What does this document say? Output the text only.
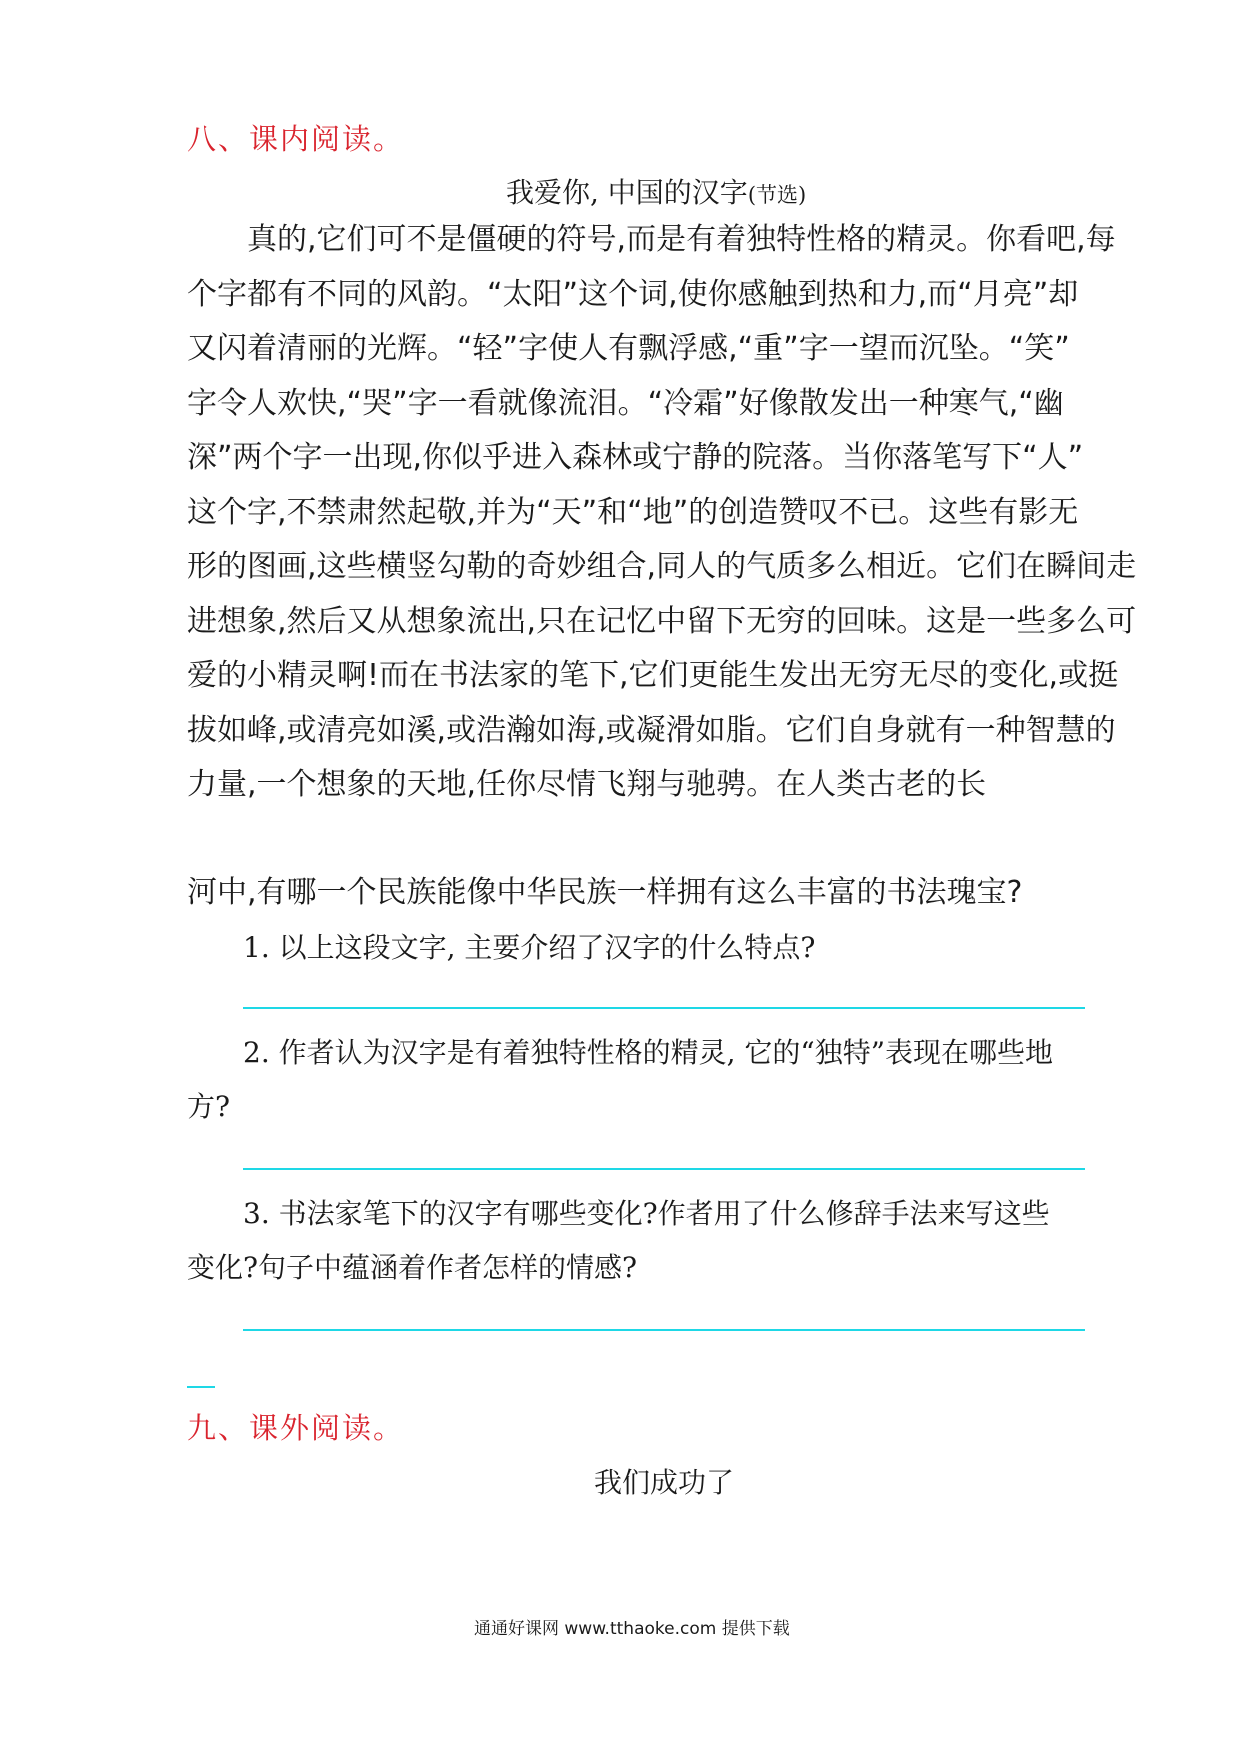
八、课内阅读。
我爱你, 中国的汉字(节选)
真的,它们可不是僵硬的符号,而是有着独特性格的精灵。你看吧,每
个字都有不同的风韵。“太阳”这个词,使你感触到热和力,而“月亮”却
又闪着清丽的光辉。“轻”字使人有飘浮感,“重”字一望而沉坠。“笑”
字令人欢快,“哭”字一看就像流泪。“冷霜”好像散发出一种寒气,“幽
深”两个字一出现,你似乎进入森林或宁静的院落。当你落笔写下“人”
这个字,不禁肃然起敬,并为“天”和“地”的创造赞叹不已。这些有影无
形的图画,这些横竖勾勒的奇妙组合,同人的气质多么相近。它们在瞬间走
进想象,然后又从想象流出,只在记忆中留下无穷的回味。这是一些多么可
爱的小精灵啊!而在书法家的笔下,它们更能生发出无穷无尽的变化,或挺
拔如峰,或清亮如溪,或浩瀚如海,或凝滑如脂。它们自身就有一种智慧的
力量,一个想象的天地,任你尽情飞翔与驰骋。在人类古老的长
河中,有哪一个民族能像中华民族一样拥有这么丰富的书法瑰宝?
1. 以上这段文字, 主要介绍了汉字的什么特点?
2. 作者认为汉字是有着独特性格的精灵, 它的“独特”表现在哪些地
方?
3. 书法家笔下的汉字有哪些变化?作者用了什么修辞手法来写这些
变化?句子中蕴涵着作者怎样的情感?
九、课外阅读。
我们成功了
通通好课网 www.tthaoke.com 提供下载
